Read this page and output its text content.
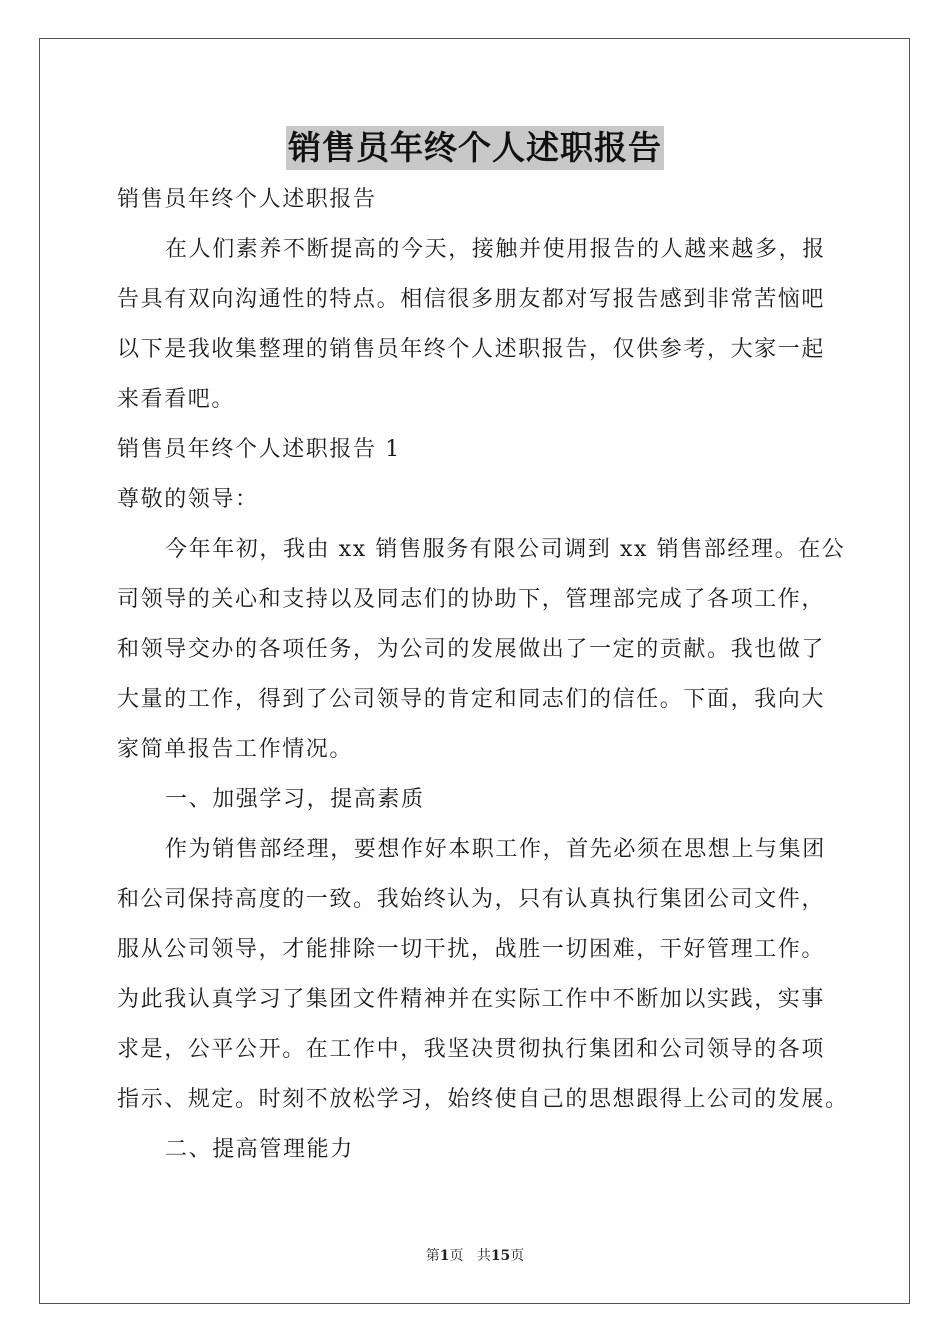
销售员年终个人述职报告

销售员年终个人述职报告

在人们素养不断提高的今天，接触并使用报告的人越来越多，报

告具有双向沟通性的特点。相信很多朋友都对写报告感到非常苦恼吧

以下是我收集整理的销售员年终个人述职报告，仅供参考，大家一起

来看看吧。

销售员年终个人述职报告 1

尊敬的领导：

今年年初，我由 xx 销售服务有限公司调到 xx 销售部经理。在公

司领导的关心和支持以及同志们的协助下，管理部完成了各项工作，

和领导交办的各项任务，为公司的发展做出了一定的贡献。我也做了

大量的工作，得到了公司领导的肯定和同志们的信任。下面，我向大

家简单报告工作情况。

一、加强学习，提高素质

作为销售部经理，要想作好本职工作，首先必须在思想上与集团

和公司保持高度的一致。我始终认为，只有认真执行集团公司文件，

服从公司领导，才能排除一切干扰，战胜一切困难，干好管理工作。

为此我认真学习了集团文件精神并在实际工作中不断加以实践，实事

求是，公平公开。在工作中，我坚决贯彻执行集团和公司领导的各项

指示、规定。时刻不放松学习，始终使自己的思想跟得上公司的发展。

二、提高管理能力

第1页 共15页
